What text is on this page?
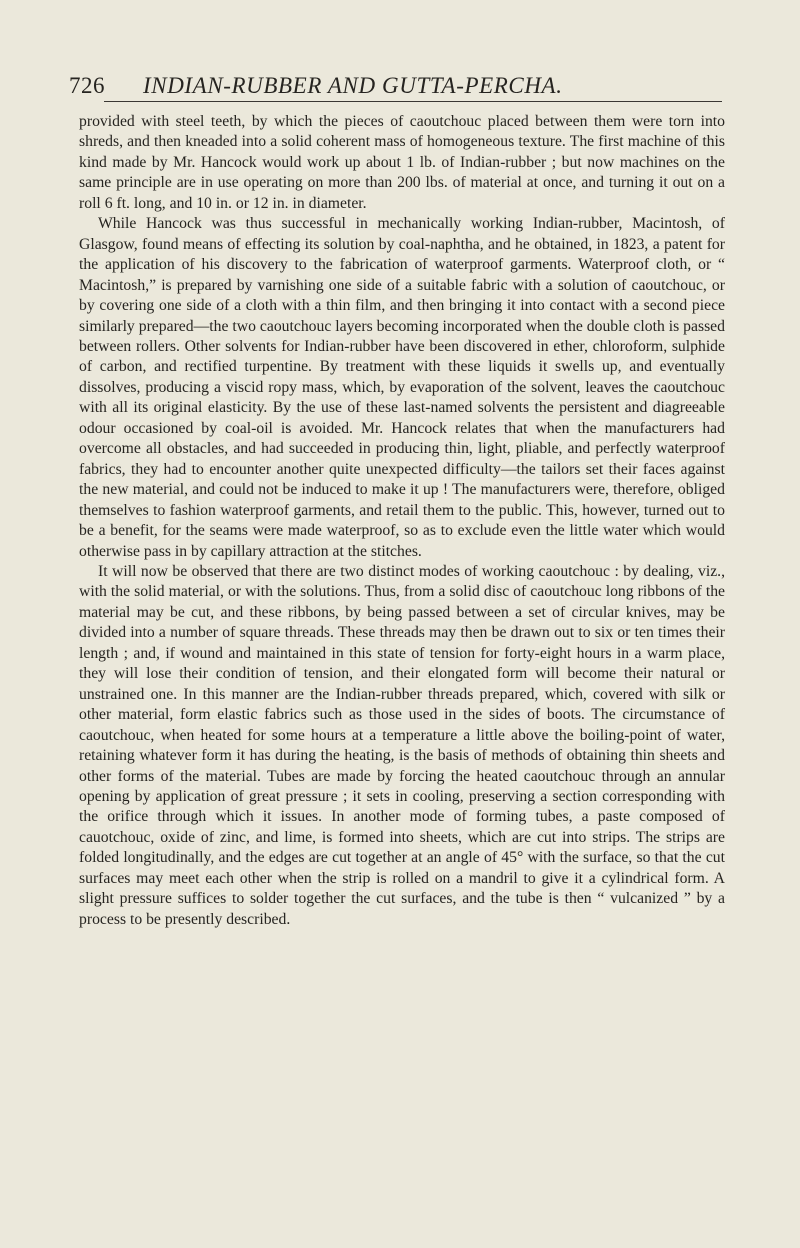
726 INDIAN-RUBBER AND GUTTA-PERCHA.

provided with steel teeth, by which the pieces of caoutchouc placed between them were torn into shreds, and then kneaded into a solid coherent mass of homogeneous texture. The first machine of this kind made by Mr. Hancock would work up about 1 lb. of Indian-rubber ; but now machines on the same principle are in use operating on more than 200 lbs. of material at once, and turning it out on a roll 6 ft. long, and 10 in. or 12 in. in diameter.

While Hancock was thus successful in mechanically working Indian-rubber, Macintosh, of Glasgow, found means of effecting its solution by coal-naphtha, and he obtained, in 1823, a patent for the application of his discovery to the fabrication of waterproof garments. Waterproof cloth, or “ Macintosh,” is prepared by varnishing one side of a suitable fabric with a solution of caoutchouc, or by covering one side of a cloth with a thin film, and then bringing it into contact with a second piece similarly prepared—the two caoutchouc layers becoming incorporated when the double cloth is passed between rollers. Other solvents for Indian-rubber have been discovered in ether, chloroform, sulphide of carbon, and rectified turpentine. By treatment with these liquids it swells up, and eventually dissolves, producing a viscid ropy mass, which, by evaporation of the solvent, leaves the caoutchouc with all its original elasticity. By the use of these last-named solvents the persistent and diagreeable odour occasioned by coal-oil is avoided. Mr. Hancock relates that when the manufacturers had overcome all obstacles, and had succeeded in producing thin, light, pliable, and perfectly waterproof fabrics, they had to encounter another quite unexpected difficulty—the tailors set their faces against the new material, and could not be induced to make it up ! The manufacturers were, therefore, obliged themselves to fashion waterproof garments, and retail them to the public. This, however, turned out to be a benefit, for the seams were made waterproof, so as to exclude even the little water which would otherwise pass in by capillary attraction at the stitches.

It will now be observed that there are two distinct modes of working caoutchouc : by dealing, viz., with the solid material, or with the solutions. Thus, from a solid disc of caoutchouc long ribbons of the material may be cut, and these ribbons, by being passed between a set of circular knives, may be divided into a number of square threads. These threads may then be drawn out to six or ten times their length ; and, if wound and maintained in this state of tension for forty-eight hours in a warm place, they will lose their condition of tension, and their elongated form will become their natural or unstrained one. In this manner are the Indian-rubber threads prepared, which, covered with silk or other material, form elastic fabrics such as those used in the sides of boots. The circumstance of caoutchouc, when heated for some hours at a temperature a little above the boiling-point of water, retaining whatever form it has during the heating, is the basis of methods of obtaining thin sheets and other forms of the material. Tubes are made by forcing the heated caoutchouc through an annular opening by application of great pressure ; it sets in cooling, preserving a section corresponding with the orifice through which it issues. In another mode of forming tubes, a paste composed of cauotchouc, oxide of zinc, and lime, is formed into sheets, which are cut into strips. The strips are folded longitudinally, and the edges are cut together at an angle of 45° with the surface, so that the cut surfaces may meet each other when the strip is rolled on a mandril to give it a cylindrical form. A slight pressure suffices to solder together the cut surfaces, and the tube is then “ vulcanized ” by a process to be presently described.
